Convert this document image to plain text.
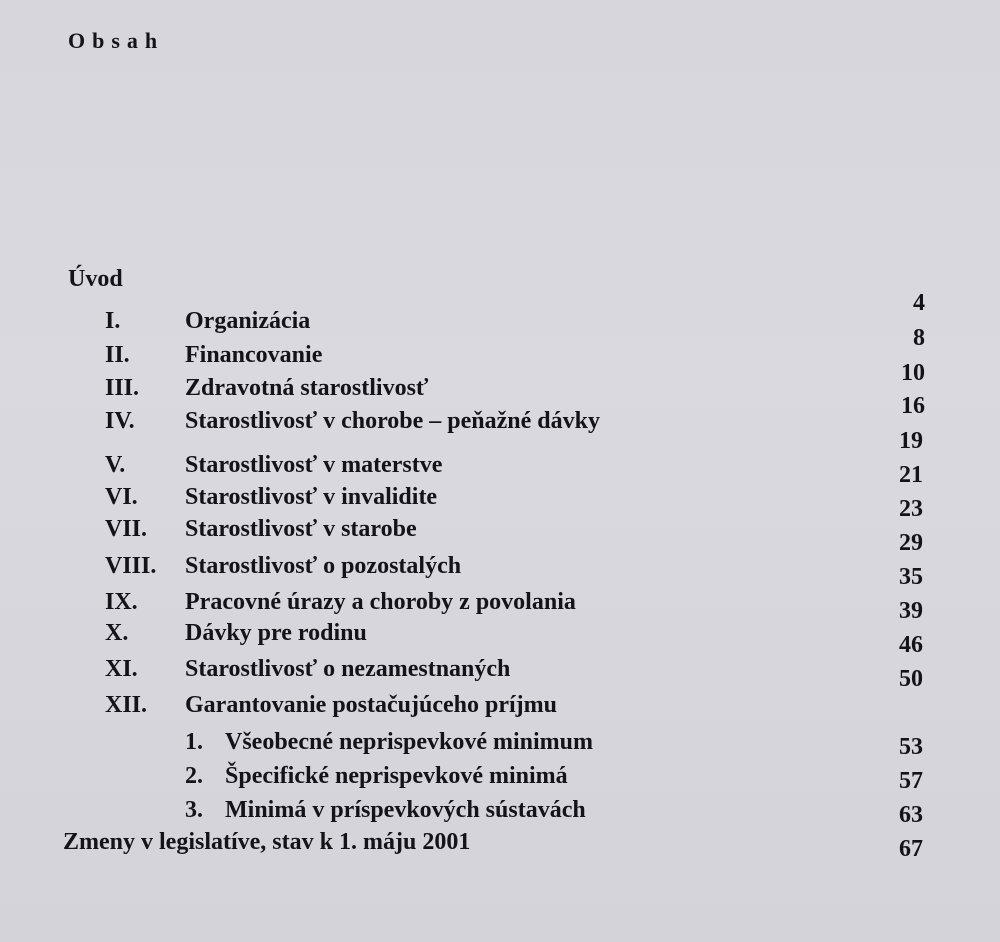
Obsah
Úvod
I.	Organizácia
II. Financovanie
III. Zdravotná starostlivosť
IV. Starostlivosť v chorobe – peňažné dávky
V. Starostlivosť v materstve
VI. Starostlivosť v invalidite
VII. Starostlivosť v starobe
VIII. Starostlivosť o pozostalých
IX. Pracovné úrazy a choroby z povolania
X. Dávky pre rodinu
XI. Starostlivosť o nezamestnaných
XII. Garantovanie postačujúceho príjmu
4
8
10
16
19
21
23
29
35
39
46
50
1. Všeobecné neprispevkové minimum
2. Špecifické neprispevkové minimá
3. Minimá v príspevkových sústavách
53
57
63
Zmeny v legislatíve, stav k 1. máju 2001	67
